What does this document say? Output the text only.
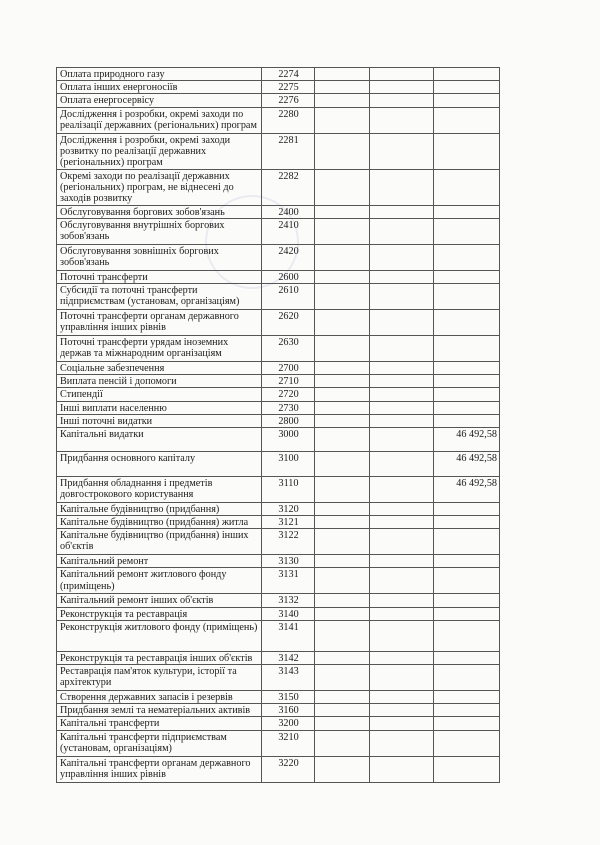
Оплата природного газу	2274				
Оплата інших енергоносіїв	2275				
Оплата енергосервісу	2276				
Дослідження і розробки, окремі заходи по реалізації державних (регіональних) програм	2280				
Дослідження і розробки, окремі заходи розвитку по реалізації державних (регіональних) програм	2281				
Окремі заходи по реалізації державних (регіональних) програм, не віднесені до заходів розвитку	2282				
Обслуговування боргових зобов'язань	2400				
Обслуговування внутрішніх боргових зобов'язань	2410				
Обслуговування зовнішніх боргових зобов'язань	2420				
Поточні трансферти	2600				
Субсидії та поточні трансферти підприємствам (установам, організаціям)	2610				
Поточні трансферти органам державного управління інших рівнів	2620				
Поточні трансферти урядам іноземних держав та міжнародним організаціям	2630				
Соціальне забезпечення	2700				
Виплата пенсій і допомоги	2710				
Стипендії	2720				
Інші виплати населенню	2730				
Інші поточні видатки	2800				
Капітальні видатки	3000			46 492,58	
Придбання основного капіталу	3100			46 492,58	
Придбання обладнання і предметів довгострокового користування	3110			46 492,58	
Капітальне будівництво (придбання)	3120				
Капітальне будівництво (придбання) житла	3121				
Капітальне будівництво (придбання) інших об'єктів	3122				
Капітальний ремонт	3130				
Капітальний ремонт житлового фонду (приміщень)	3131				
Капітальний ремонт інших об'єктів	3132				
Реконструкція та реставрація	3140				
Реконструкція житлового фонду (приміщень)	3141				
Реконструкція та реставрація інших об'єктів	3142				
Реставрація пам'яток культури, історії та архітектури	3143				
Створення державних запасів і резервів	3150				
Придбання землі та нематеріальних активів	3160				
Капітальні трансферти	3200				
Капітальні трансферти підприємствам (установам, організаціям)	3210				
Капітальні трансферти органам державного управління інших рівнів	3220				
